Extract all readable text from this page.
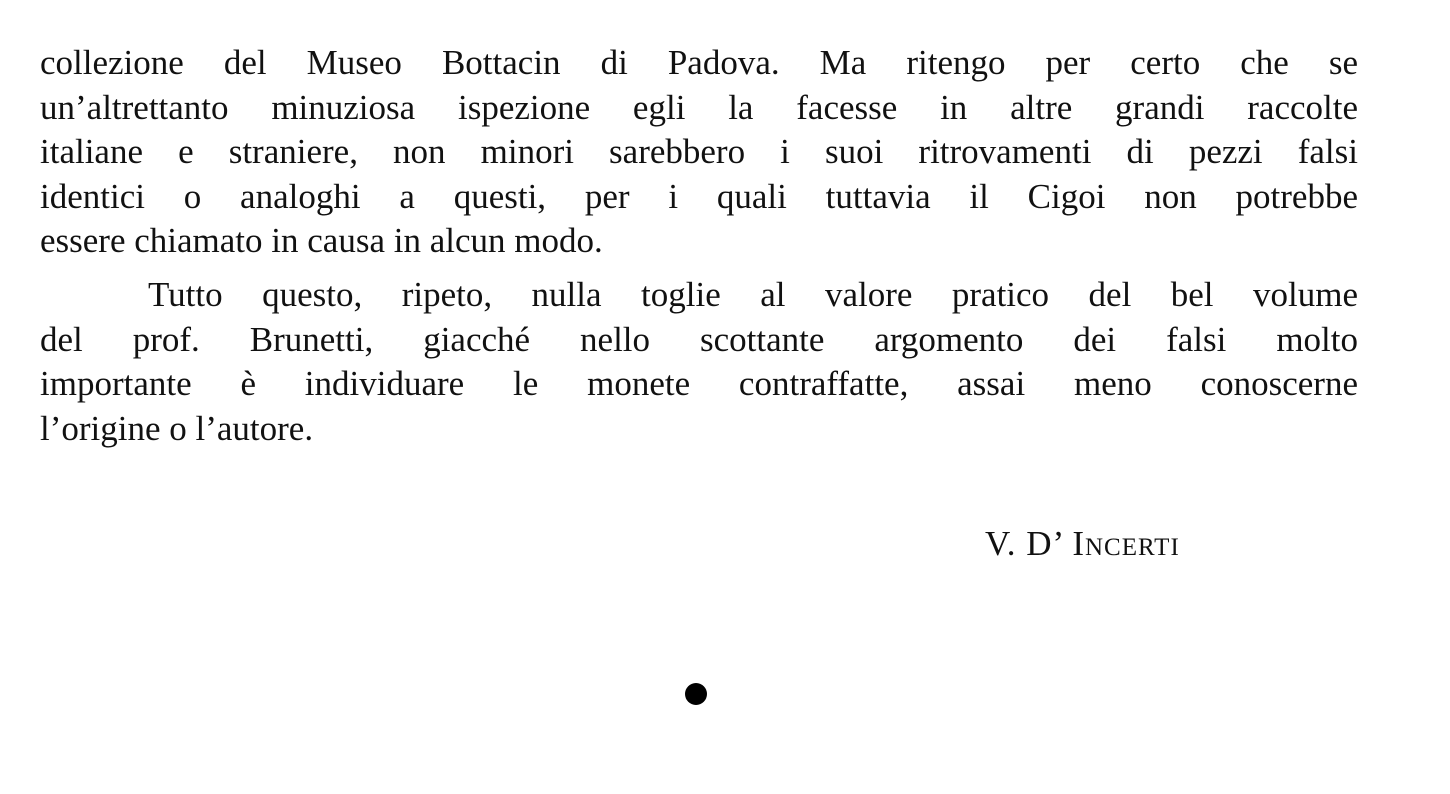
collezione del Museo Bottacin di Padova. Ma ritengo per certo che se
un’altrettanto minuziosa ispezione egli la facesse in altre grandi raccolte
italiane e straniere, non minori sarebbero i suoi ritrovamenti di pezzi falsi
identici o analoghi a questi, per i quali tuttavia il Cigoi non potrebbe
essere chiamato in causa in alcun modo.
Tutto questo, ripeto, nulla toglie al valore pratico del bel volume
del prof. Brunetti, giacché nello scottante argomento dei falsi molto
importante è individuare le monete contraffatte, assai meno conoscerne
l’origine o l’autore.
V. D’ Incerti
